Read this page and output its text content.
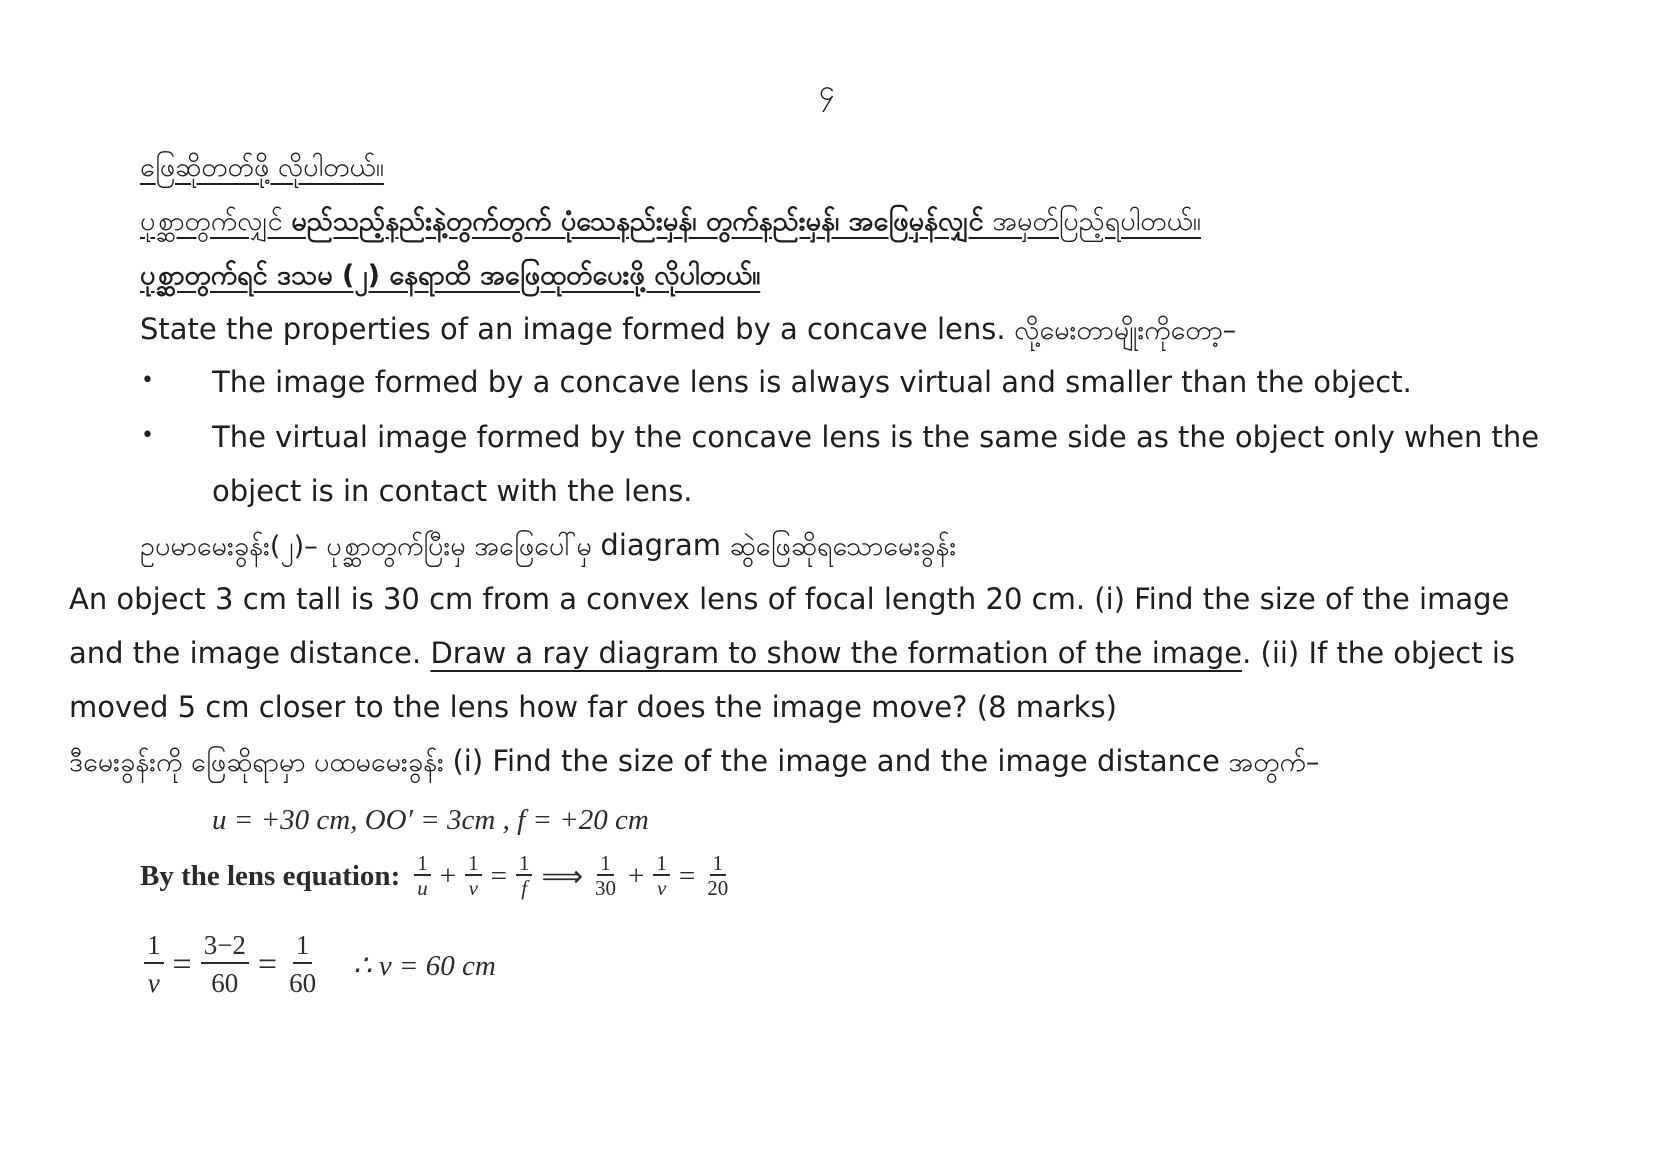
၄
ဖြေဆိုတတ်ဖို့ လိုပါတယ်။
ပုစ္ဆာတွက်လျှင် မည်သည့်နည်းနဲ့တွက်တွက် ပုံသေနည်းမှန်၊ တွက်နည်းမှန်၊ အဖြေမှန်လျှင် အမှတ်ပြည့်ရပါတယ်။
ပုစ္ဆာတွက်ရင် ဒသမ (၂) နေရာထိ အဖြေထုတ်ပေးဖို့ လိုပါတယ်။
State the properties of an image formed by a concave lens. လို့မေးတာမျိုးကိုတော့–
• The image formed by a concave lens is always virtual and smaller than the object.
• The virtual image formed by the concave lens is the same side as the object only when the
object is in contact with the lens.
ဥပမာမေးခွန်း(၂)– ပုစ္ဆာတွက်ပြီးမှ အဖြေပေါ်မှ diagram ဆွဲဖြေဆိုရသောမေးခွန်း
An object 3 cm tall is 30 cm from a convex lens of focal length 20 cm. (i) Find the size of the image
and the image distance. Draw a ray diagram to show the formation of the image. (ii) If the object is
moved 5 cm closer to the lens how far does the image move? (8 marks)
ဒီမေးခွန်းကို ဖြေဆိုရာမှာ ပထမမေးခွန်း (i) Find the size of the image and the image distance အတွက်–
u = +30 cm, OO′ = 3cm , f = +20 cm
By the lens equation: $\frac{1}{u} + \frac{1}{v} = \frac{1}{f}$ ⟹ $\frac{1}{30} + \frac{1}{v} = \frac{1}{20}$
$\frac{1}{v} = \frac{3-2}{60} = \frac{1}{60}$ ∴ v = 60 cm
